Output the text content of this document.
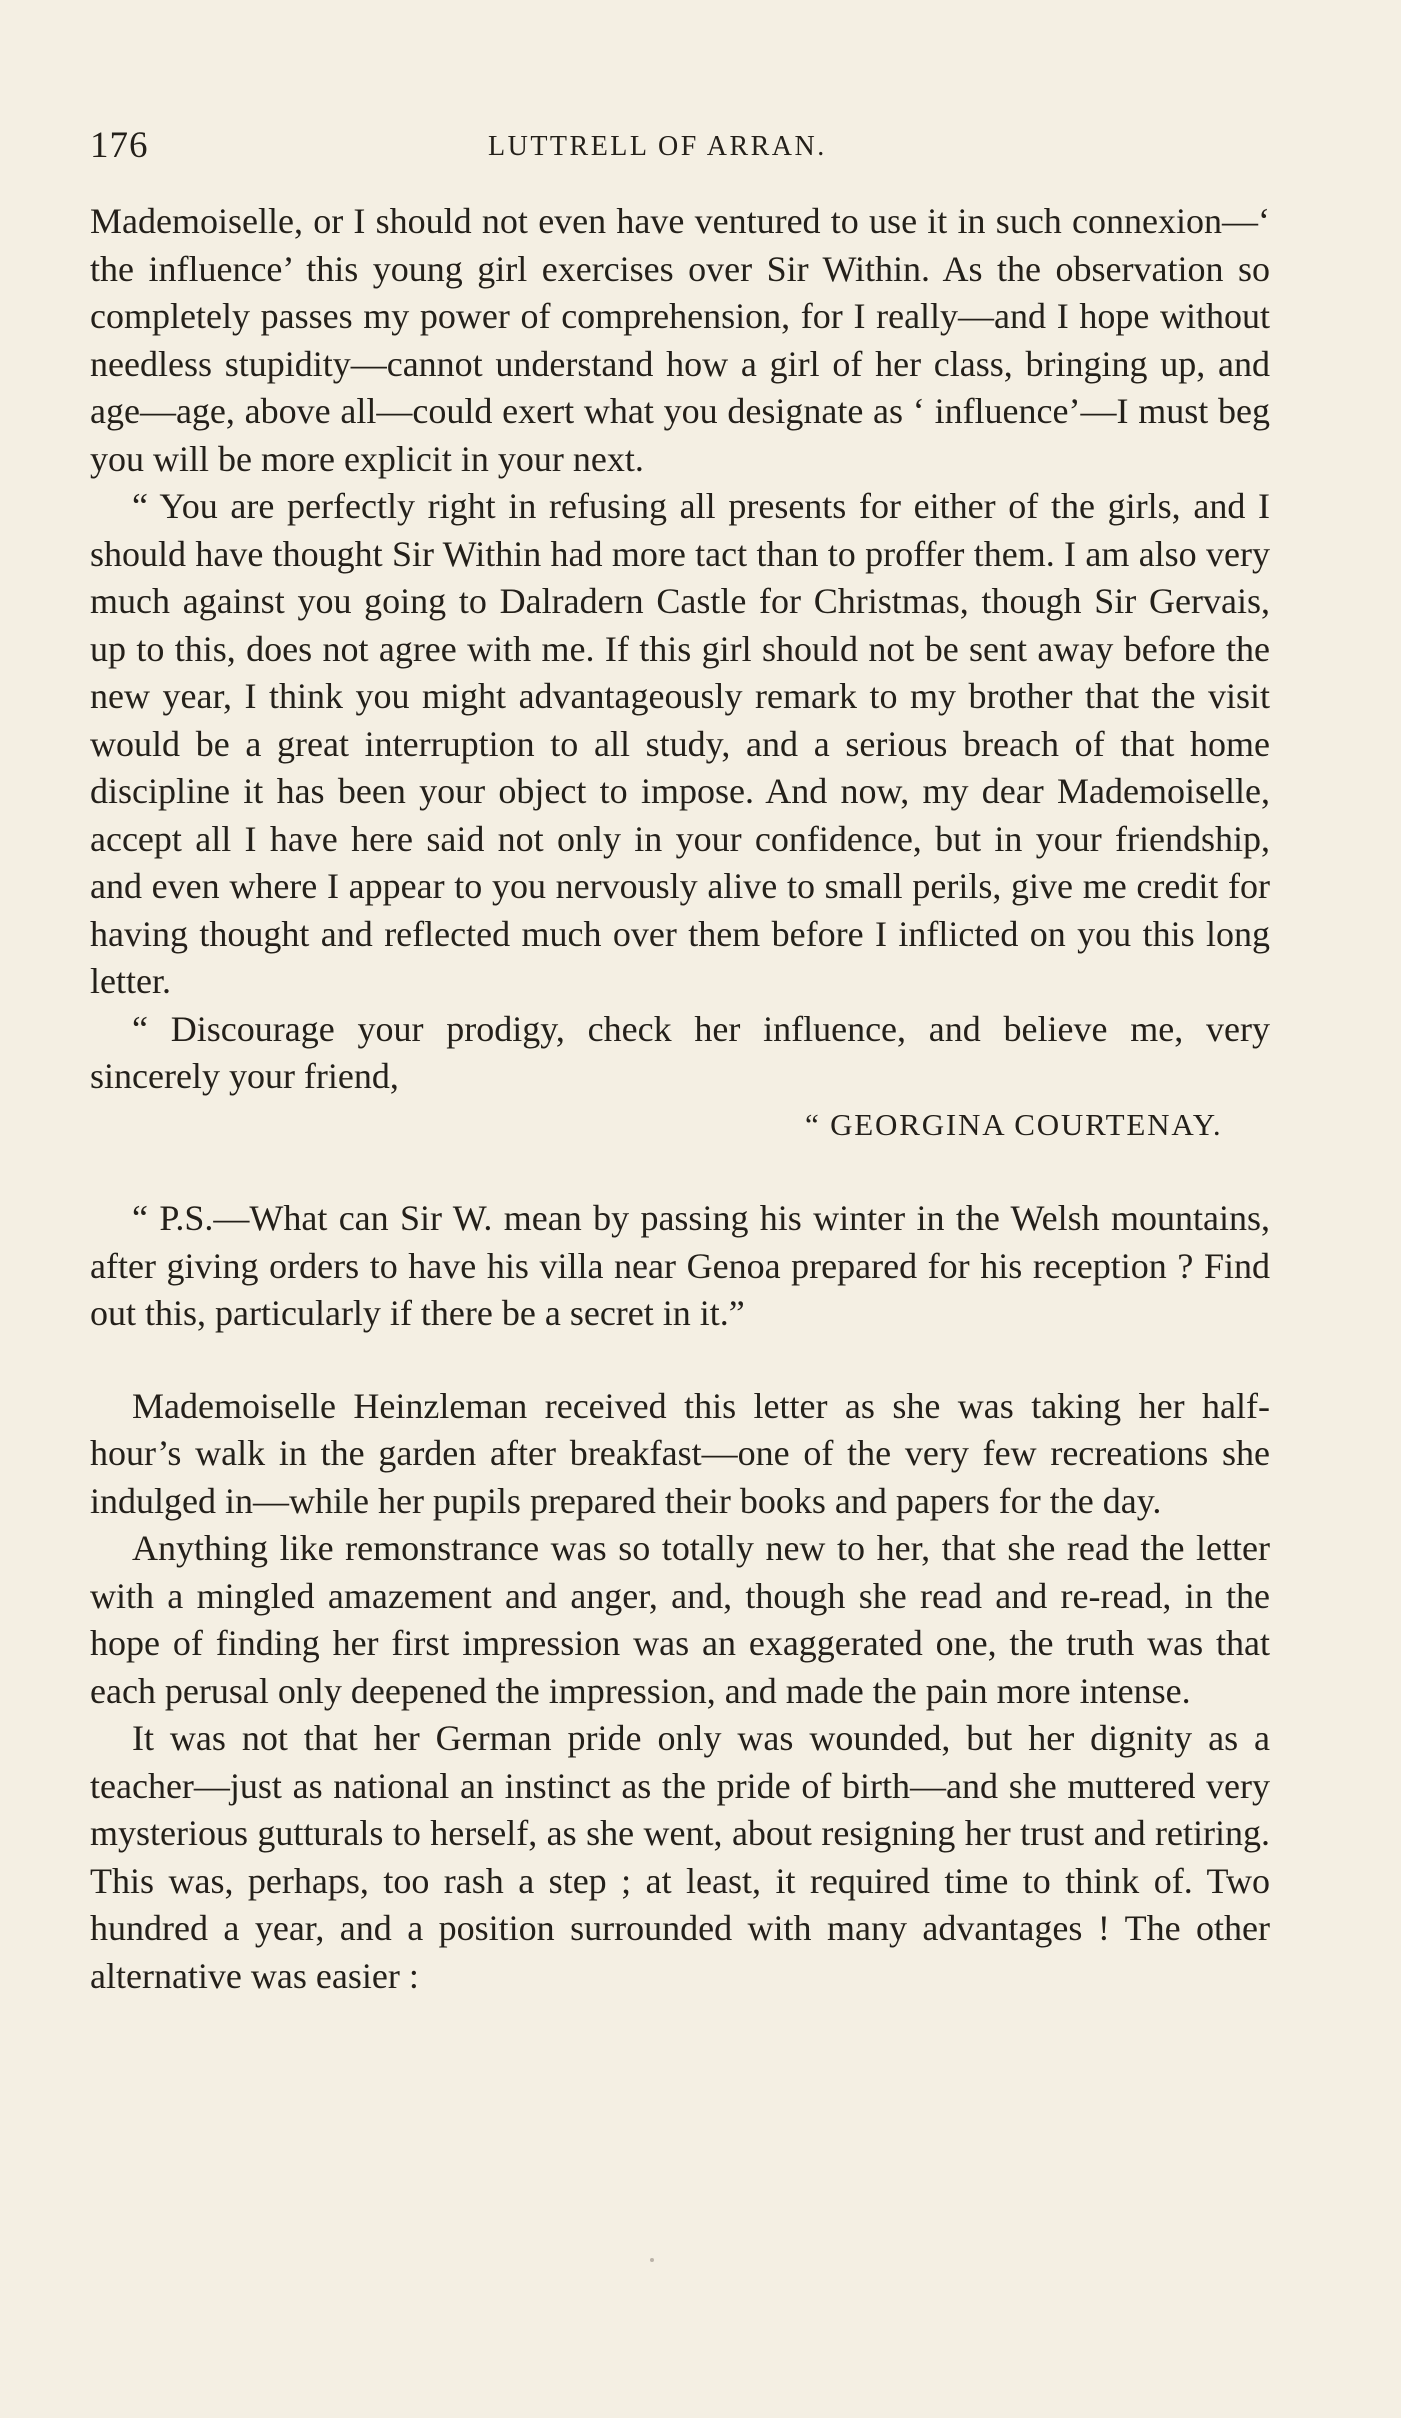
176	LUTTRELL OF ARRAN.

Mademoiselle, or I should not even have ventured to use it in such connexion—‘ the influence’ this young girl exercises over Sir Within. As the observation so completely passes my power of comprehension, for I really—and I hope without needless stupidity—cannot understand how a girl of her class, bringing up, and age—age, above all—could exert what you designate as ‘ influence’—I must beg you will be more explicit in your next.

“ You are perfectly right in refusing all presents for either of the girls, and I should have thought Sir Within had more tact than to proffer them. I am also very much against you going to Dalradern Castle for Christmas, though Sir Gervais, up to this, does not agree with me. If this girl should not be sent away before the new year, I think you might advantageously remark to my brother that the visit would be a great interruption to all study, and a serious breach of that home discipline it has been your object to impose. And now, my dear Mademoiselle, accept all I have here said not only in your confidence, but in your friendship, and even where I appear to you nervously alive to small perils, give me credit for having thought and reflected much over them before I inflicted on you this long letter.

“ Discourage your prodigy, check her influence, and believe me, very sincerely your friend,

“ GEORGINA COURTENAY.

“ P.S.—What can Sir W. mean by passing his winter in the Welsh mountains, after giving orders to have his villa near Genoa prepared for his reception ? Find out this, particularly if there be a secret in it.”

Mademoiselle Heinzleman received this letter as she was taking her half-hour’s walk in the garden after breakfast—one of the very few recreations she indulged in—while her pupils prepared their books and papers for the day.

Anything like remonstrance was so totally new to her, that she read the letter with a mingled amazement and anger, and, though she read and re-read, in the hope of finding her first impression was an exaggerated one, the truth was that each perusal only deepened the impression, and made the pain more intense.

It was not that her German pride only was wounded, but her dignity as a teacher—just as national an instinct as the pride of birth—and she muttered very mysterious gutturals to herself, as she went, about resigning her trust and retiring. This was, perhaps, too rash a step ; at least, it required time to think of. Two hundred a year, and a position surrounded with many advantages ! The other alternative was easier :
